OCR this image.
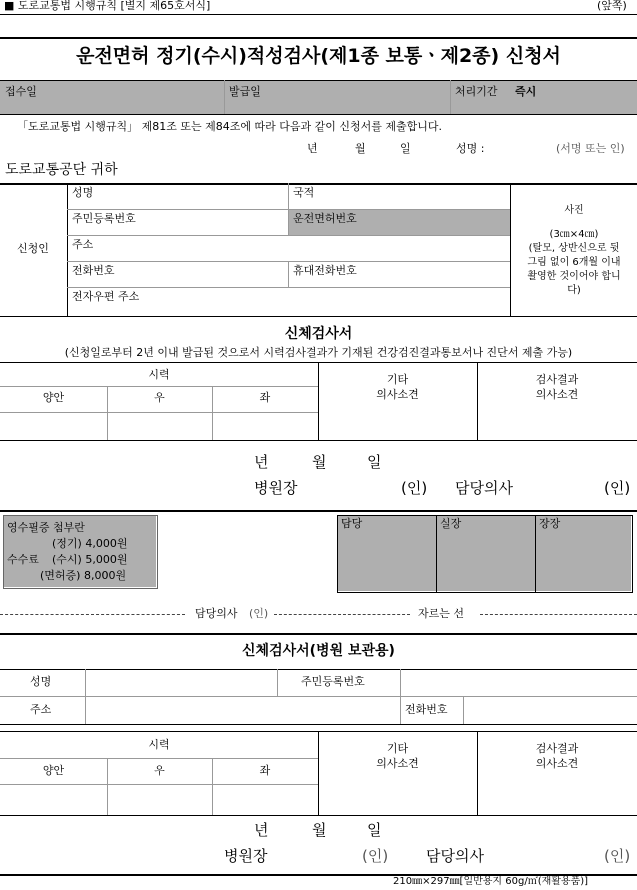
■ 도로교통법 시행규칙 [별지 제65호서식]	(앞쪽)
운전면허 정기(수시)적성검사(제1종 보통ㆍ제2종) 신청서
접수일	발급일	처리기간 즉시
「도로교통법 시행규칙」 제81조 또는 제84조에 따라 다음과 같이 신청서를 제출합니다.
년	월	일	성명 :	(서명 또는 인)
도로교통공단 귀하
신청인
성명	국적
주민등록번호	운전면허번호
주소
전화번호	휴대전화번호
전자우편 주소
사진
(3㎝×4㎝)
(탈모, 상반신으로 뒷
그림 없이 6개월 이내
촬영한 것이어야 합니
다)
신체검사서
(신청일로부터 2년 이내 발급된 것으로서 시력검사결과가 기재된 건강검진결과통보서나 진단서 제출 가능)
시력
양안	우	좌
기타
의사소견
검사결과
의사소견
년	월	일
병원장	(인) 담당의사	(인)
영수필증 첨부란
(정기) 4,000원
수수료 (수시) 5,000원
(면허증) 8,000원
담당	실장	장장
담당의사 (인)	자르는 선
신체검사서(병원 보관용)
성명	주민등록번호
주소	전화번호
시력
양안	우	좌
기타
의사소견
검사결과
의사소견
년	월	일
병원장	(인)	담당의사	(인)
210㎜×297㎜[일반용지 60g/㎡(재활용품)]
